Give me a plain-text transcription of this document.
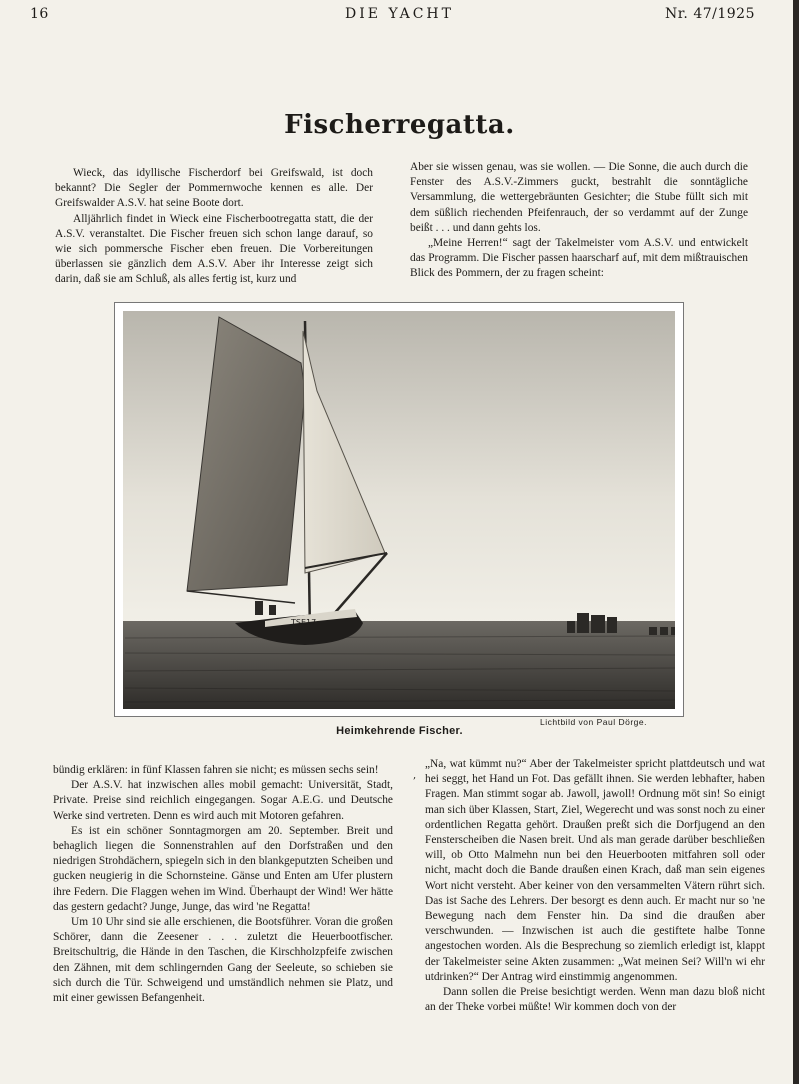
DIE YACHT
16	Nr. 47/1925
Fischerregatta.

Wieck, das idyllische Fischerdorf bei Greifswald, ist doch bekannt? Die Segler der Pommernwoche kennen es alle. Der Greifswalder A.S.V. hat seine Boote dort.

Alljährlich findet in Wieck eine Fischerbootregatta statt, die der A.S.V. veranstaltet. Die Fischer freuen sich schon lange darauf, so wie sich pommersche Fischer eben freuen. Die Vorbereitungen überlassen sie gänzlich dem A.S.V. Aber ihr Interesse zeigt sich darin, daß sie am Schluß, als alles fertig ist, kurz und

Aber sie wissen genau, was sie wollen. — Die Sonne, die auch durch die Fenster des A.S.V.-Zimmers guckt, bestrahlt die sonntägliche Versammlung, die wettergebräunten Gesichter; die Stube füllt sich mit dem süßlich riechenden Pfeifenrauch, der so verdammt auf der Zunge beißt . . . und dann gehts los.

„Meine Herren!“ sagt der Takelmeister vom A.S.V. und entwickelt das Programm. Die Fischer passen haarscharf auf, mit dem mißtrauischen Blick des Pommern, der zu fragen scheint:

TSE17
Lichtbild von Paul Dörge.
Heimkehrende Fischer.

bündig erklären: in fünf Klassen fahren sie nicht; es müssen sechs sein!

Der A.S.V. hat inzwischen alles mobil gemacht: Universität, Stadt, Private. Preise sind reichlich eingegangen. Sogar A.E.G. und Deutsche Werke sind vertreten. Denn es wird auch mit Motoren gefahren.

Es ist ein schöner Sonntagmorgen am 20. September. Breit und behaglich liegen die Sonnenstrahlen auf den Dorfstraßen und den niedrigen Strohdächern, spiegeln sich in den blankgeputzten Scheiben und gucken neugierig in die Schornsteine. Gänse und Enten am Ufer plustern ihre Federn. Die Flaggen wehen im Wind. Überhaupt der Wind! Wer hätte das gestern gedacht? Junge, Junge, das wird 'ne Regatta!

Um 10 Uhr sind sie alle erschienen, die Bootsführer. Voran die großen Schörer, dann die Zeesener . . . zuletzt die Heuerbootfischer. Breitschultrig, die Hände in den Taschen, die Kirschholzpfeife zwischen den Zähnen, mit dem schlingernden Gang der Seeleute, so schieben sie sich durch die Tür. Schweigend und umständlich nehmen sie Platz, und mit einer gewissen Befangenheit.

,

„Na, wat kümmt nu?“ Aber der Takelmeister spricht plattdeutsch und wat hei seggt, het Hand un Fot. Das gefällt ihnen. Sie werden lebhafter, haben Fragen. Man stimmt sogar ab. Jawoll, jawoll! Ordnung möt sin! So einigt man sich über Klassen, Start, Ziel, Wegerecht und was sonst noch zu einer ordentlichen Regatta gehört. Draußen preßt sich die Dorfjugend an den Fensterscheiben die Nasen breit. Und als man gerade darüber beschließen will, ob Otto Malmehn nun bei den Heuerbooten mitfahren soll oder nicht, macht doch die Bande draußen einen Krach, daß man sein eigenes Wort nicht versteht. Aber keiner von den versammelten Vätern rührt sich. Das ist Sache des Lehrers. Der besorgt es denn auch. Er macht nur so 'ne Bewegung nach dem Fenster hin. Da sind die draußen aber verschwunden. — Inzwischen ist auch die gestiftete halbe Tonne angestochen worden. Als die Besprechung so ziemlich erledigt ist, klappt der Takelmeister seine Akten zusammen: „Wat meinen Sei? Will'n wi ehr utdrinken?“ Der Antrag wird einstimmig angenommen.

Dann sollen die Preise besichtigt werden. Wenn man dazu bloß nicht an der Theke vorbei müßte! Wir kommen doch von der
